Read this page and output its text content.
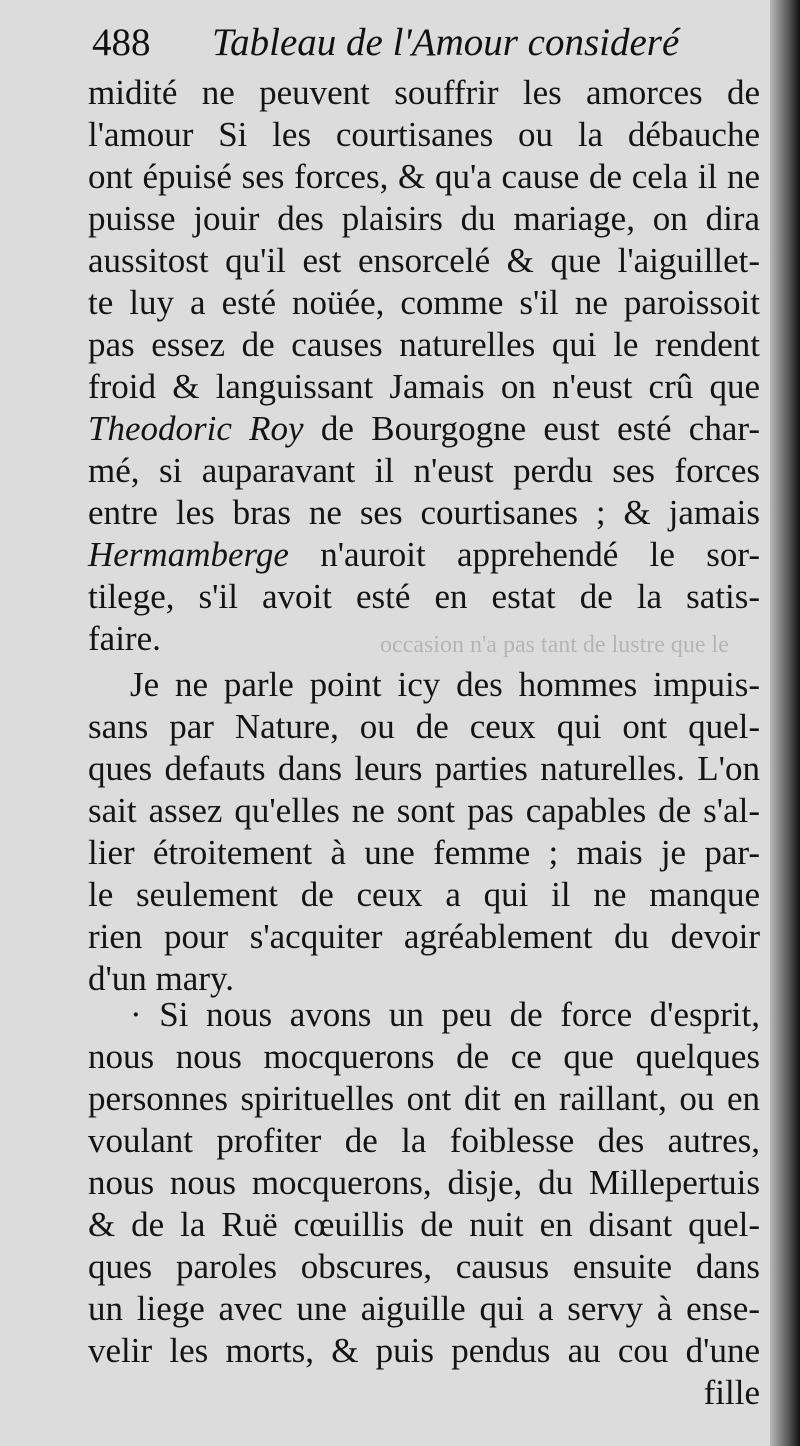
488 Tableau de l'Amour consideré
occasion n'a pas tant de lustre que le
midité ne peuvent souffrir les amorces de
l'amour Si les courtisanes ou la débauche
ont épuisé ses forces, & qu'a cause de cela il ne
puisse jouir des plaisirs du mariage, on dira
aussitost qu'il est ensorcelé & que l'aiguillet-
te luy a esté noüée, comme s'il ne paroissoit
pas essez de causes naturelles qui le rendent
froid & languissant Jamais on n'eust crû que
Theodoric Roy de Bourgogne eust esté char-
mé, si auparavant il n'eust perdu ses forces
entre les bras ne ses courtisanes ; & jamais
Hermamberge n'auroit apprehendé le sor-
tilege, s'il avoit esté en estat de la satis-
faire.
Je ne parle point icy des hommes impuis-
sans par Nature, ou de ceux qui ont quel-
ques defauts dans leurs parties naturelles. L'on
sait assez qu'elles ne sont pas capables de s'al-
lier étroitement à une femme ; mais je par-
le seulement de ceux a qui il ne manque
rien pour s'acquiter agréablement du devoir
d'un mary.
· Si nous avons un peu de force d'esprit,
nous nous mocquerons de ce que quelques
personnes spirituelles ont dit en raillant, ou en
voulant profiter de la foiblesse des autres,
nous nous mocquerons, disje, du Millepertuis
& de la Ruë cœuillis de nuit en disant quel-
ques paroles obscures, causus ensuite dans
un liege avec une aiguille qui a servy à ense-
velir les morts, & puis pendus au cou d'une
fille
